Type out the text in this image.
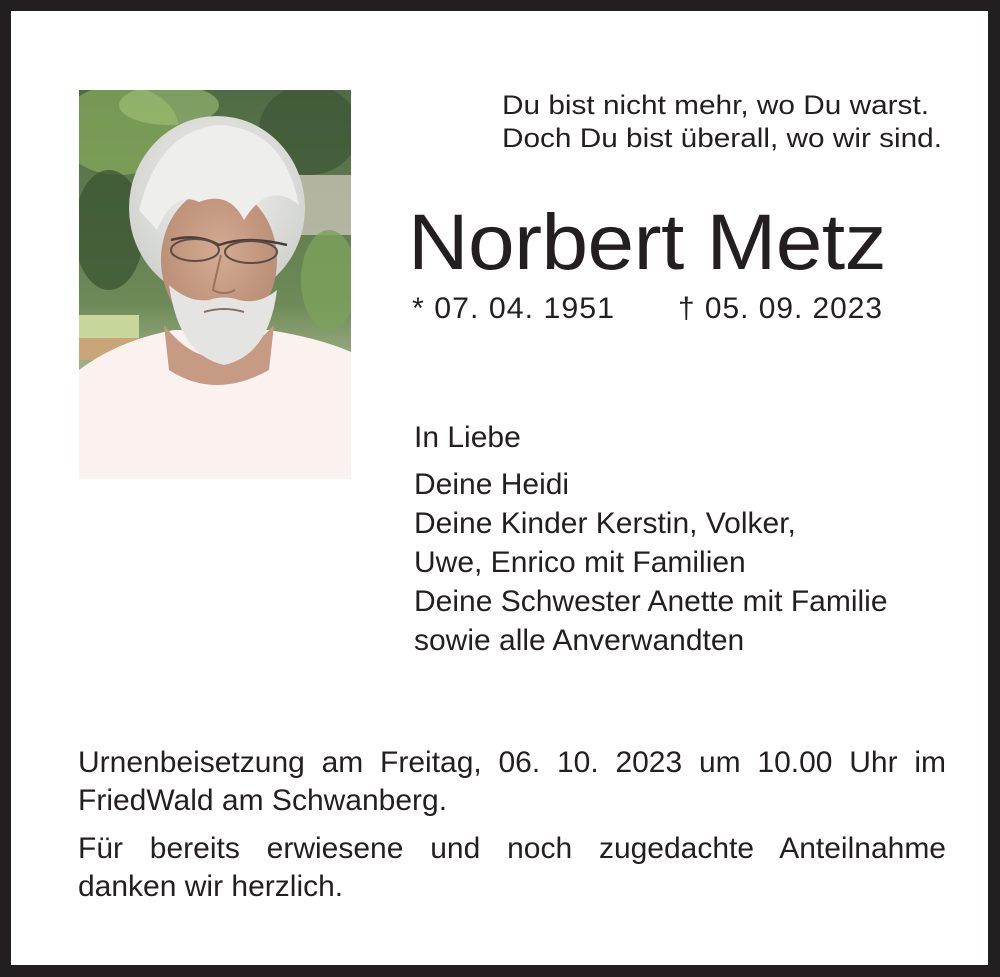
Du bist nicht mehr, wo Du warst.
Doch Du bist überall, wo wir sind.
Norbert Metz
* 07. 04. 1951 † 05. 09. 2023
In Liebe
Deine Heidi
Deine Kinder Kerstin, Volker,
Uwe, Enrico mit Familien
Deine Schwester Anette mit Familie
sowie alle Anverwandten
Urnenbeisetzung am Freitag, 06. 10. 2023 um 10.00 Uhr im
FriedWald am Schwanberg.
Für bereits erwiesene und noch zugedachte Anteilnahme
danken wir herzlich.
